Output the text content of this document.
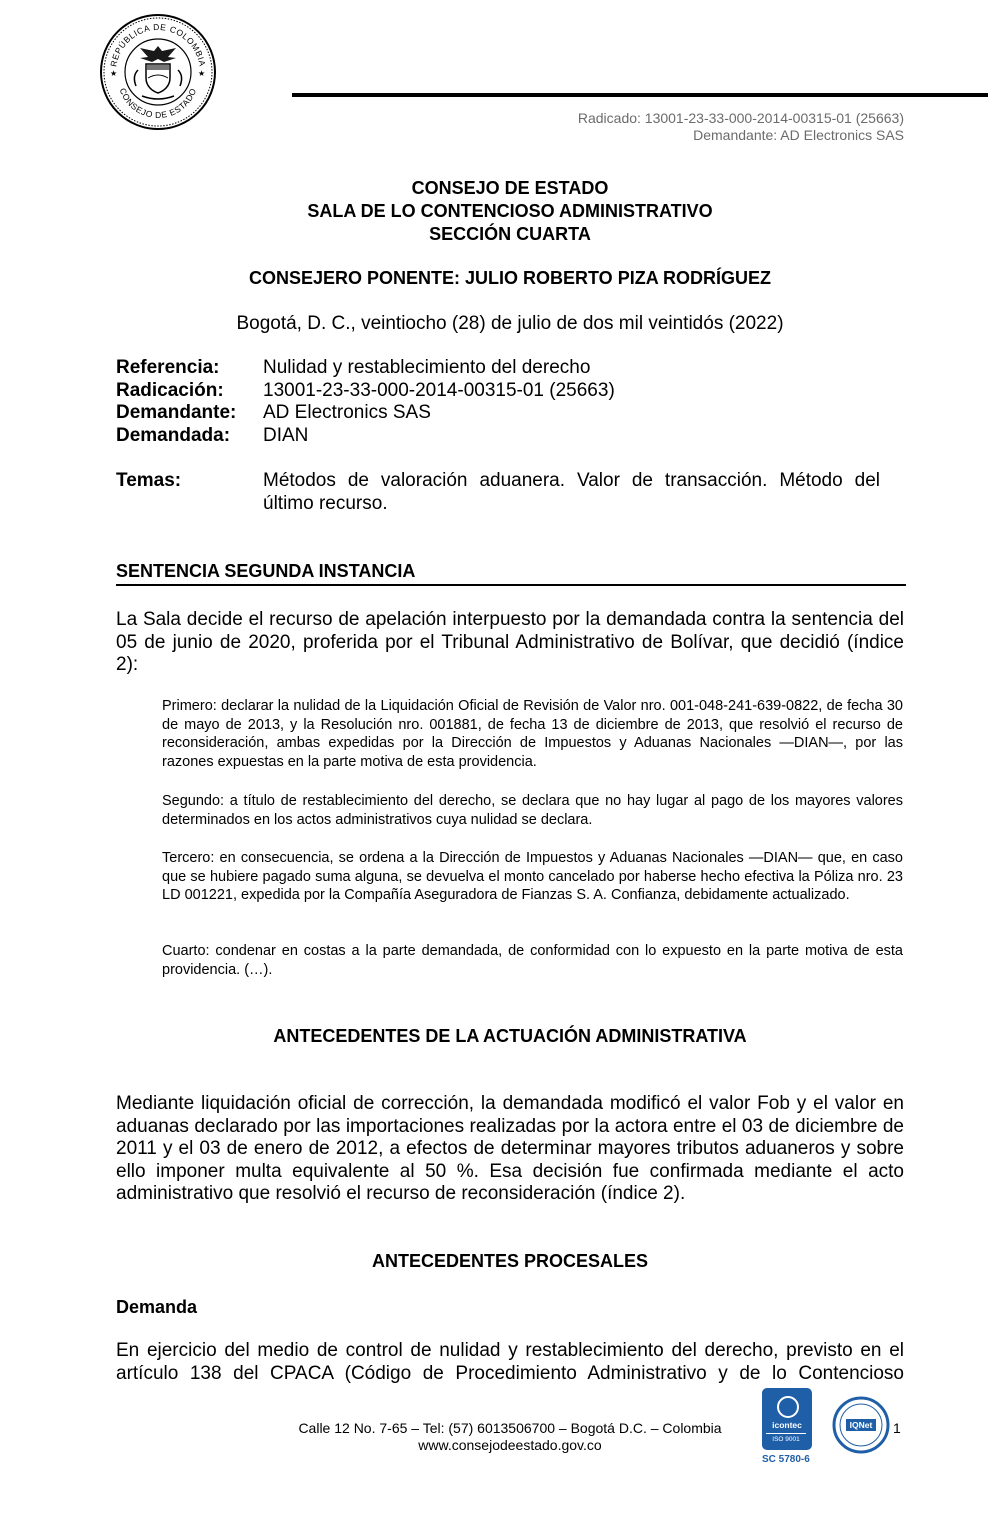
REPÚBLICA DE COLOMBIA
CONSEJO DE ESTADO
★	★
Radicado: 13001-23-33-000-2014-00315-01 (25663)
Demandante: AD Electronics SAS
CONSEJO DE ESTADO
SALA DE LO CONTENCIOSO ADMINISTRATIVO
SECCIÓN CUARTA
CONSEJERO PONENTE: JULIO ROBERTO PIZA RODRÍGUEZ
Bogotá, D. C., veintiocho (28) de julio de dos mil veintidós (2022)
Referencia:	Nulidad y restablecimiento del derecho
Radicación:	13001-23-33-000-2014-00315-01 (25663)
Demandante:	AD Electronics SAS
Demandada:	DIAN
Temas:	Métodos de valoración aduanera. Valor de transacción. Método del último recurso.
SENTENCIA SEGUNDA INSTANCIA
La Sala decide el recurso de apelación interpuesto por la demandada contra la sentencia del 05 de junio de 2020, proferida por el Tribunal Administrativo de Bolívar, que decidió (índice 2):
Primero: declarar la nulidad de la Liquidación Oficial de Revisión de Valor nro. 001-048-241-639-0822, de fecha 30 de mayo de 2013, y la Resolución nro. 001881, de fecha 13 de diciembre de 2013, que resolvió el recurso de reconsideración, ambas expedidas por la Dirección de Impuestos y Aduanas Nacionales —DIAN—, por las razones expuestas en la parte motiva de esta providencia.
Segundo: a título de restablecimiento del derecho, se declara que no hay lugar al pago de los mayores valores determinados en los actos administrativos cuya nulidad se declara.
Tercero: en consecuencia, se ordena a la Dirección de Impuestos y Aduanas Nacionales —DIAN— que, en caso que se hubiere pagado suma alguna, se devuelva el monto cancelado por haberse hecho efectiva la Póliza nro. 23 LD 001221, expedida por la Compañía Aseguradora de Fianzas S. A. Confianza, debidamente actualizado.
Cuarto: condenar en costas a la parte demandada, de conformidad con lo expuesto en la parte motiva de esta providencia. (…).
ANTECEDENTES DE LA ACTUACIÓN ADMINISTRATIVA
Mediante liquidación oficial de corrección, la demandada modificó el valor Fob y el valor en aduanas declarado por las importaciones realizadas por la actora entre el 03 de diciembre de 2011 y el 03 de enero de 2012, a efectos de determinar mayores tributos aduaneros y sobre ello imponer multa equivalente al 50 %. Esa decisión fue confirmada mediante el acto administrativo que resolvió el recurso de reconsideración (índice 2).
ANTECEDENTES PROCESALES
Demanda
En ejercicio del medio de control de nulidad y restablecimiento del derecho, previsto en el artículo 138 del CPACA (Código de Procedimiento Administrativo y de lo Contencioso
Calle 12 No. 7-65 – Tel: (57) 6013506700 – Bogotá D.C. – Colombia
www.consejodeestado.gov.co
icontec
ISO 9001
SC 5780-6
IQNet 1
